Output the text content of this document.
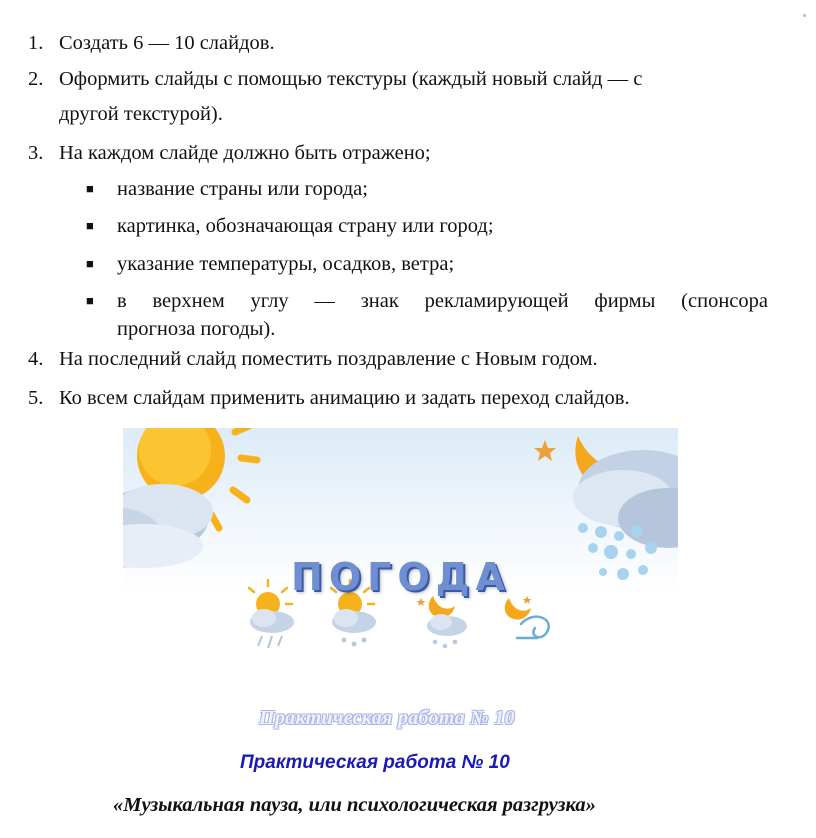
1. Создать 6 — 10 слайдов.
2. Оформить слайды с помощью текстуры (каждый новый слайд — с
другой текстурой).
3. На каждом слайде должно быть отражено;
■ название страны или города;
■ картинка, обозначающая страну или город;
■ указание температуры, осадков, ветра;
■ в верхнем углу — знак рекламирующей фирмы (спонсора
прогноза погоды).
4. На последний слайд поместить поздравление с Новым годом.
5. Ко всем слайдам применить анимацию и задать переход слайдов.
ПОГОДА
Практическая работа № 10
Практическая работа № 10
«Музыкальная пауза, или психологическая разгрузка»
